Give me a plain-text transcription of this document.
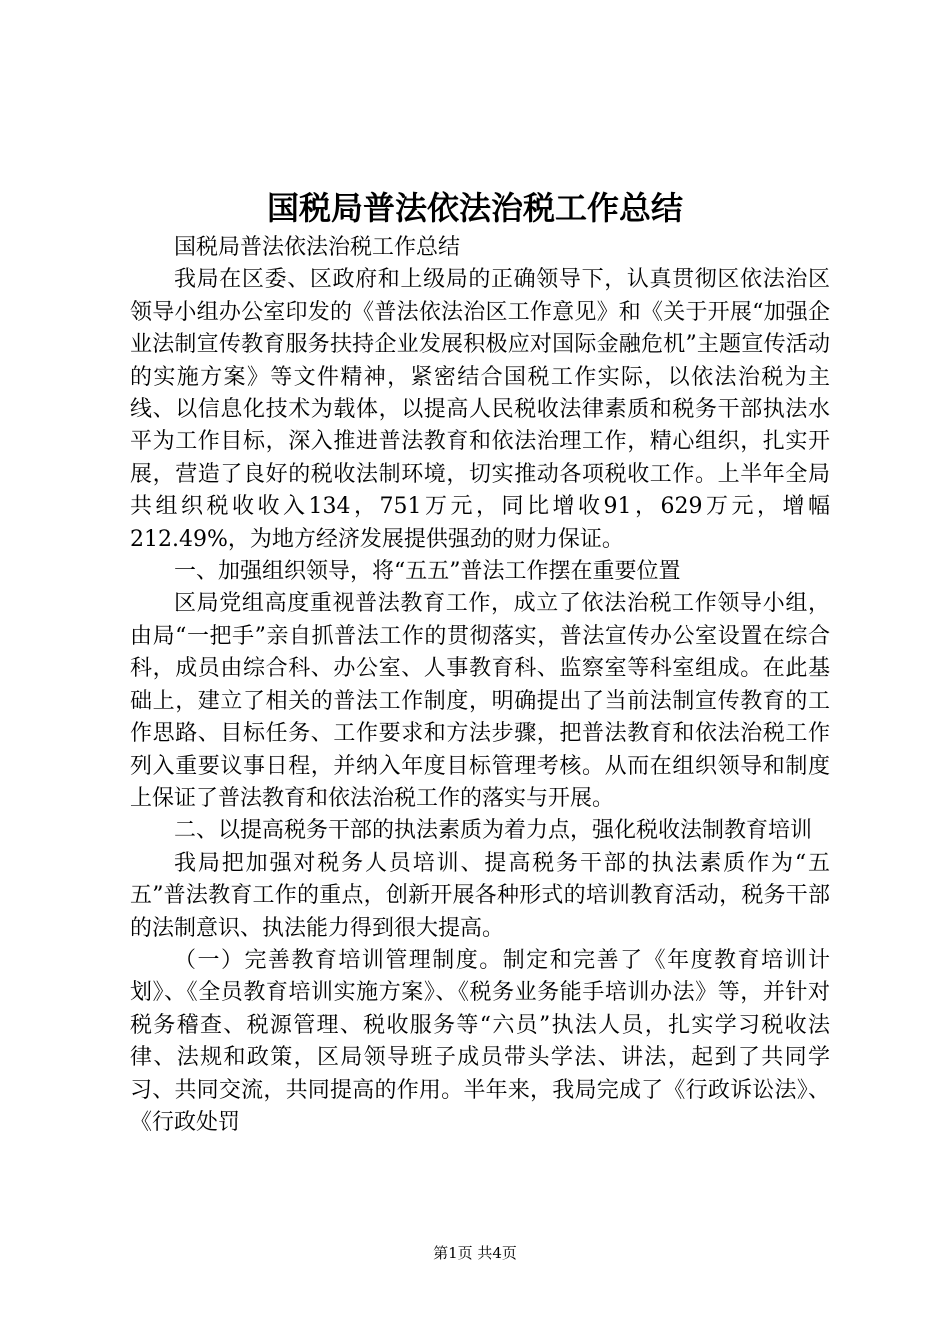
国税局普法依法治税工作总结

国税局普法依法治税工作总结

我局在区委、区政府和上级局的正确领导下，认真贯彻区依法治区领导小组办公室印发的《普法依法治区工作意见》和《关于开展“加强企业法制宣传教育服务扶持企业发展积极应对国际金融危机”主题宣传活动的实施方案》等文件精神，紧密结合国税工作实际，以依法治税为主线、以信息化技术为载体，以提高人民税收法律素质和税务干部执法水平为工作目标，深入推进普法教育和依法治理工作，精心组织，扎实开展，营造了良好的税收法制环境，切实推动各项税收工作。上半年全局共组织税收收入134，751万元，同比增收91，629万元，增幅212.49%，为地方经济发展提供强劲的财力保证。

一、加强组织领导，将“五五”普法工作摆在重要位置

区局党组高度重视普法教育工作，成立了依法治税工作领导小组，由局“一把手”亲自抓普法工作的贯彻落实，普法宣传办公室设置在综合科，成员由综合科、办公室、人事教育科、监察室等科室组成。在此基础上，建立了相关的普法工作制度，明确提出了当前法制宣传教育的工作思路、目标任务、工作要求和方法步骤，把普法教育和依法治税工作列入重要议事日程，并纳入年度目标管理考核。从而在组织领导和制度上保证了普法教育和依法治税工作的落实与开展。

二、以提高税务干部的执法素质为着力点，强化税收法制教育培训

我局把加强对税务人员培训、提高税务干部的执法素质作为“五五”普法教育工作的重点，创新开展各种形式的培训教育活动，税务干部的法制意识、执法能力得到很大提高。

（一）完善教育培训管理制度。制定和完善了《年度教育培训计划》、《全员教育培训实施方案》、《税务业务能手培训办法》等，并针对税务稽查、税源管理、税收服务等“六员”执法人员，扎实学习税收法律、法规和政策，区局领导班子成员带头学法、讲法，起到了共同学习、共同交流，共同提高的作用。半年来，我局完成了《行政诉讼法》、《行政处罚

第1页 共4页
